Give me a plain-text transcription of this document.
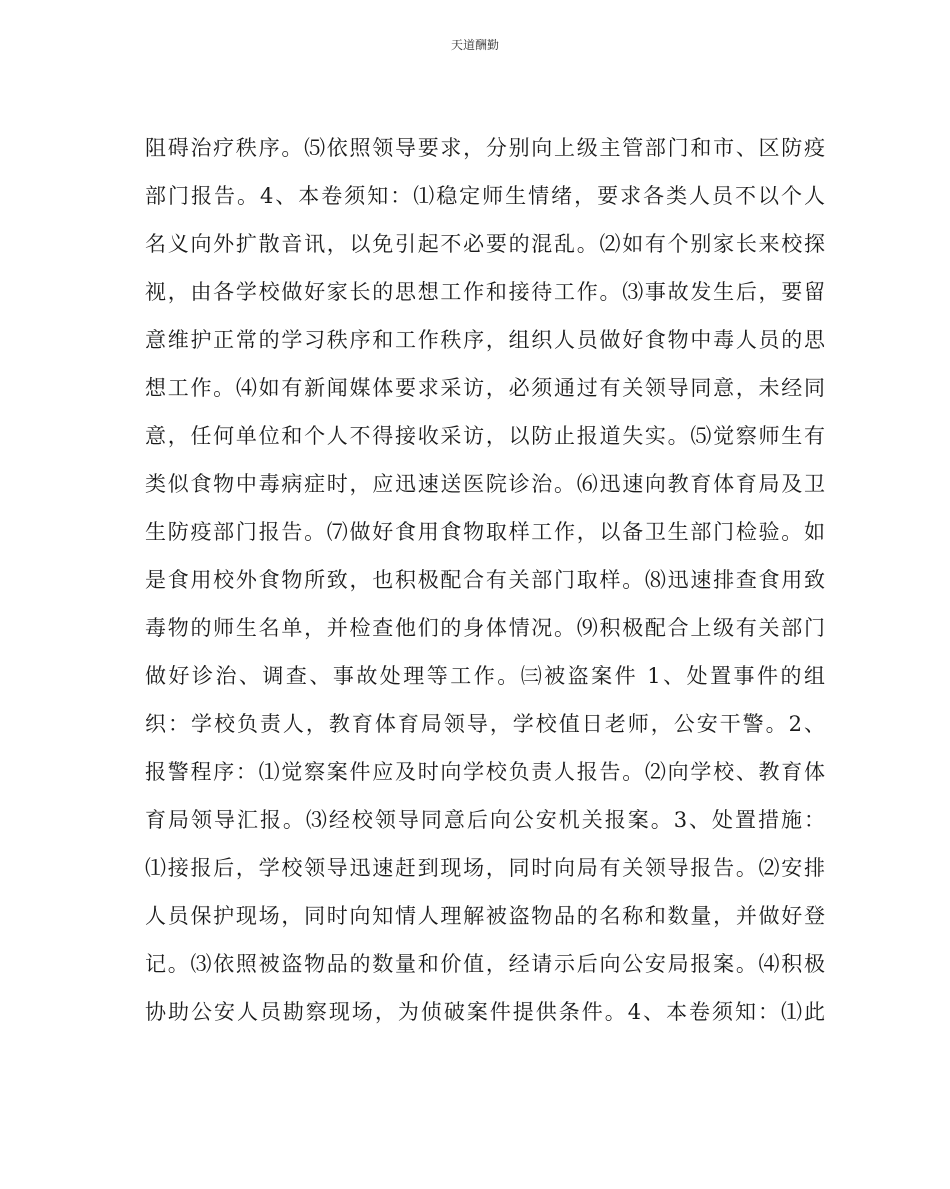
天道酬勤
阻碍治疗秩序。⑸依照领导要求，分别向上级主管部门和市、区防疫
部门报告。4、本卷须知：⑴稳定师生情绪，要求各类人员不以个人
名义向外扩散音讯，以免引起不必要的混乱。⑵如有个别家长来校探
视，由各学校做好家长的思想工作和接待工作。⑶事故发生后，要留
意维护正常的学习秩序和工作秩序，组织人员做好食物中毒人员的思
想工作。⑷如有新闻媒体要求采访，必须通过有关领导同意，未经同
意，任何单位和个人不得接收采访，以防止报道失实。⑸觉察师生有
类似食物中毒病症时，应迅速送医院诊治。⑹迅速向教育体育局及卫
生防疫部门报告。⑺做好食用食物取样工作，以备卫生部门检验。如
是食用校外食物所致，也积极配合有关部门取样。⑻迅速排查食用致
毒物的师生名单，并检查他们的身体情况。⑼积极配合上级有关部门
做好诊治、调查、事故处理等工作。㈢被盗案件 1、处置事件的组
织：学校负责人，教育体育局领导，学校值日老师，公安干警。2、
报警程序：⑴觉察案件应及时向学校负责人报告。⑵向学校、教育体
育局领导汇报。⑶经校领导同意后向公安机关报案。3、处置措施：
⑴接报后，学校领导迅速赶到现场，同时向局有关领导报告。⑵安排
人员保护现场，同时向知情人理解被盗物品的名称和数量，并做好登
记。⑶依照被盗物品的数量和价值，经请示后向公安局报案。⑷积极
协助公安人员勘察现场，为侦破案件提供条件。4、本卷须知：⑴此
